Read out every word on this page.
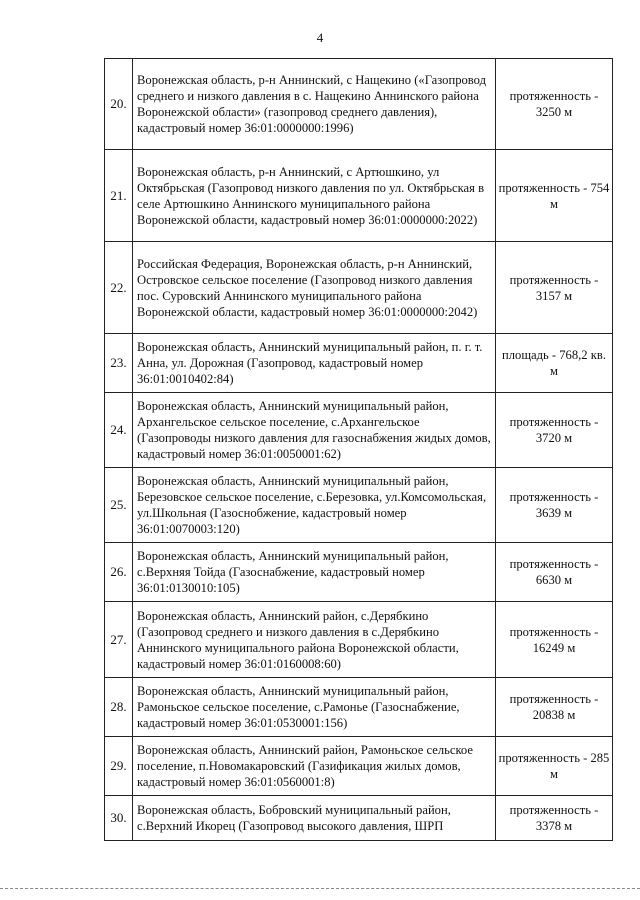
4
20.	Воронежская область, р-н Аннинский, с Нащекино («Газопровод среднего и низкого давления в с. Нащекино Аннинского района Воронежской области» (газопровод среднего давления), кадастровый номер 36:01:0000000:1996)	протяженность - 3250 м
21.	Воронежская область, р-н Аннинский, с Артюшкино, ул Октябрьская (Газопровод низкого давления по ул. Октябрьская в селе Артюшкино Аннинского муниципального района Воронежской области, кадастровый номер 36:01:0000000:2022)	протяженность - 754 м
22.	Российская Федерация, Воронежская область, р-н Аннинский, Островское сельское поселение (Газопровод низкого давления пос. Суровский Аннинского муниципального района Воронежской области, кадастровый номер 36:01:0000000:2042)	протяженность - 3157 м
23.	Воронежская область, Аннинский муниципальный район, п. г. т. Анна, ул. Дорожная (Газопровод, кадастровый номер 36:01:0010402:84)	площадь - 768,2 кв. м
24.	Воронежская область, Аннинский муниципальный район, Архангельское сельское поселение, с.Архангельское (Газопроводы низкого давления для газоснабжения жидых домов, кадастровый номер 36:01:0050001:62)	протяженность - 3720 м
25.	Воронежская область, Аннинский муниципальный район, Березовское сельское поселение, с.Березовка, ул.Комсомольская, ул.Школьная (Газоснобжение, кадастровый номер 36:01:0070003:120)	протяженность - 3639 м
26.	Воронежская область, Аннинский муниципальный район, с.Верхняя Тойда (Газоснабжение, кадастровый номер 36:01:0130010:105)	протяженность - 6630 м
27.	Воронежская область, Аннинский район, с.Дерябкино (Газопровод среднего и низкого давления в с.Дерябкино Аннинского муниципального района Воронежской области, кадастровый номер 36:01:0160008:60)	протяженность - 16249 м
28.	Воронежская область, Аннинский муниципальный район, Рамоньское сельское поселение, с.Рамонье (Газоснабжение, кадастровый номер 36:01:0530001:156)	протяженность - 20838 м
29.	Воронежская область, Аннинский район, Рамоньское сельское поселение, п.Новомакаровский (Газификация жилых домов, кадастровый номер 36:01:0560001:8)	протяженность - 285 м
30.	Воронежская область, Бобровский муниципальный район, с.Верхний Икорец (Газопровод высокого давления, ШРП	протяженность - 3378 м
